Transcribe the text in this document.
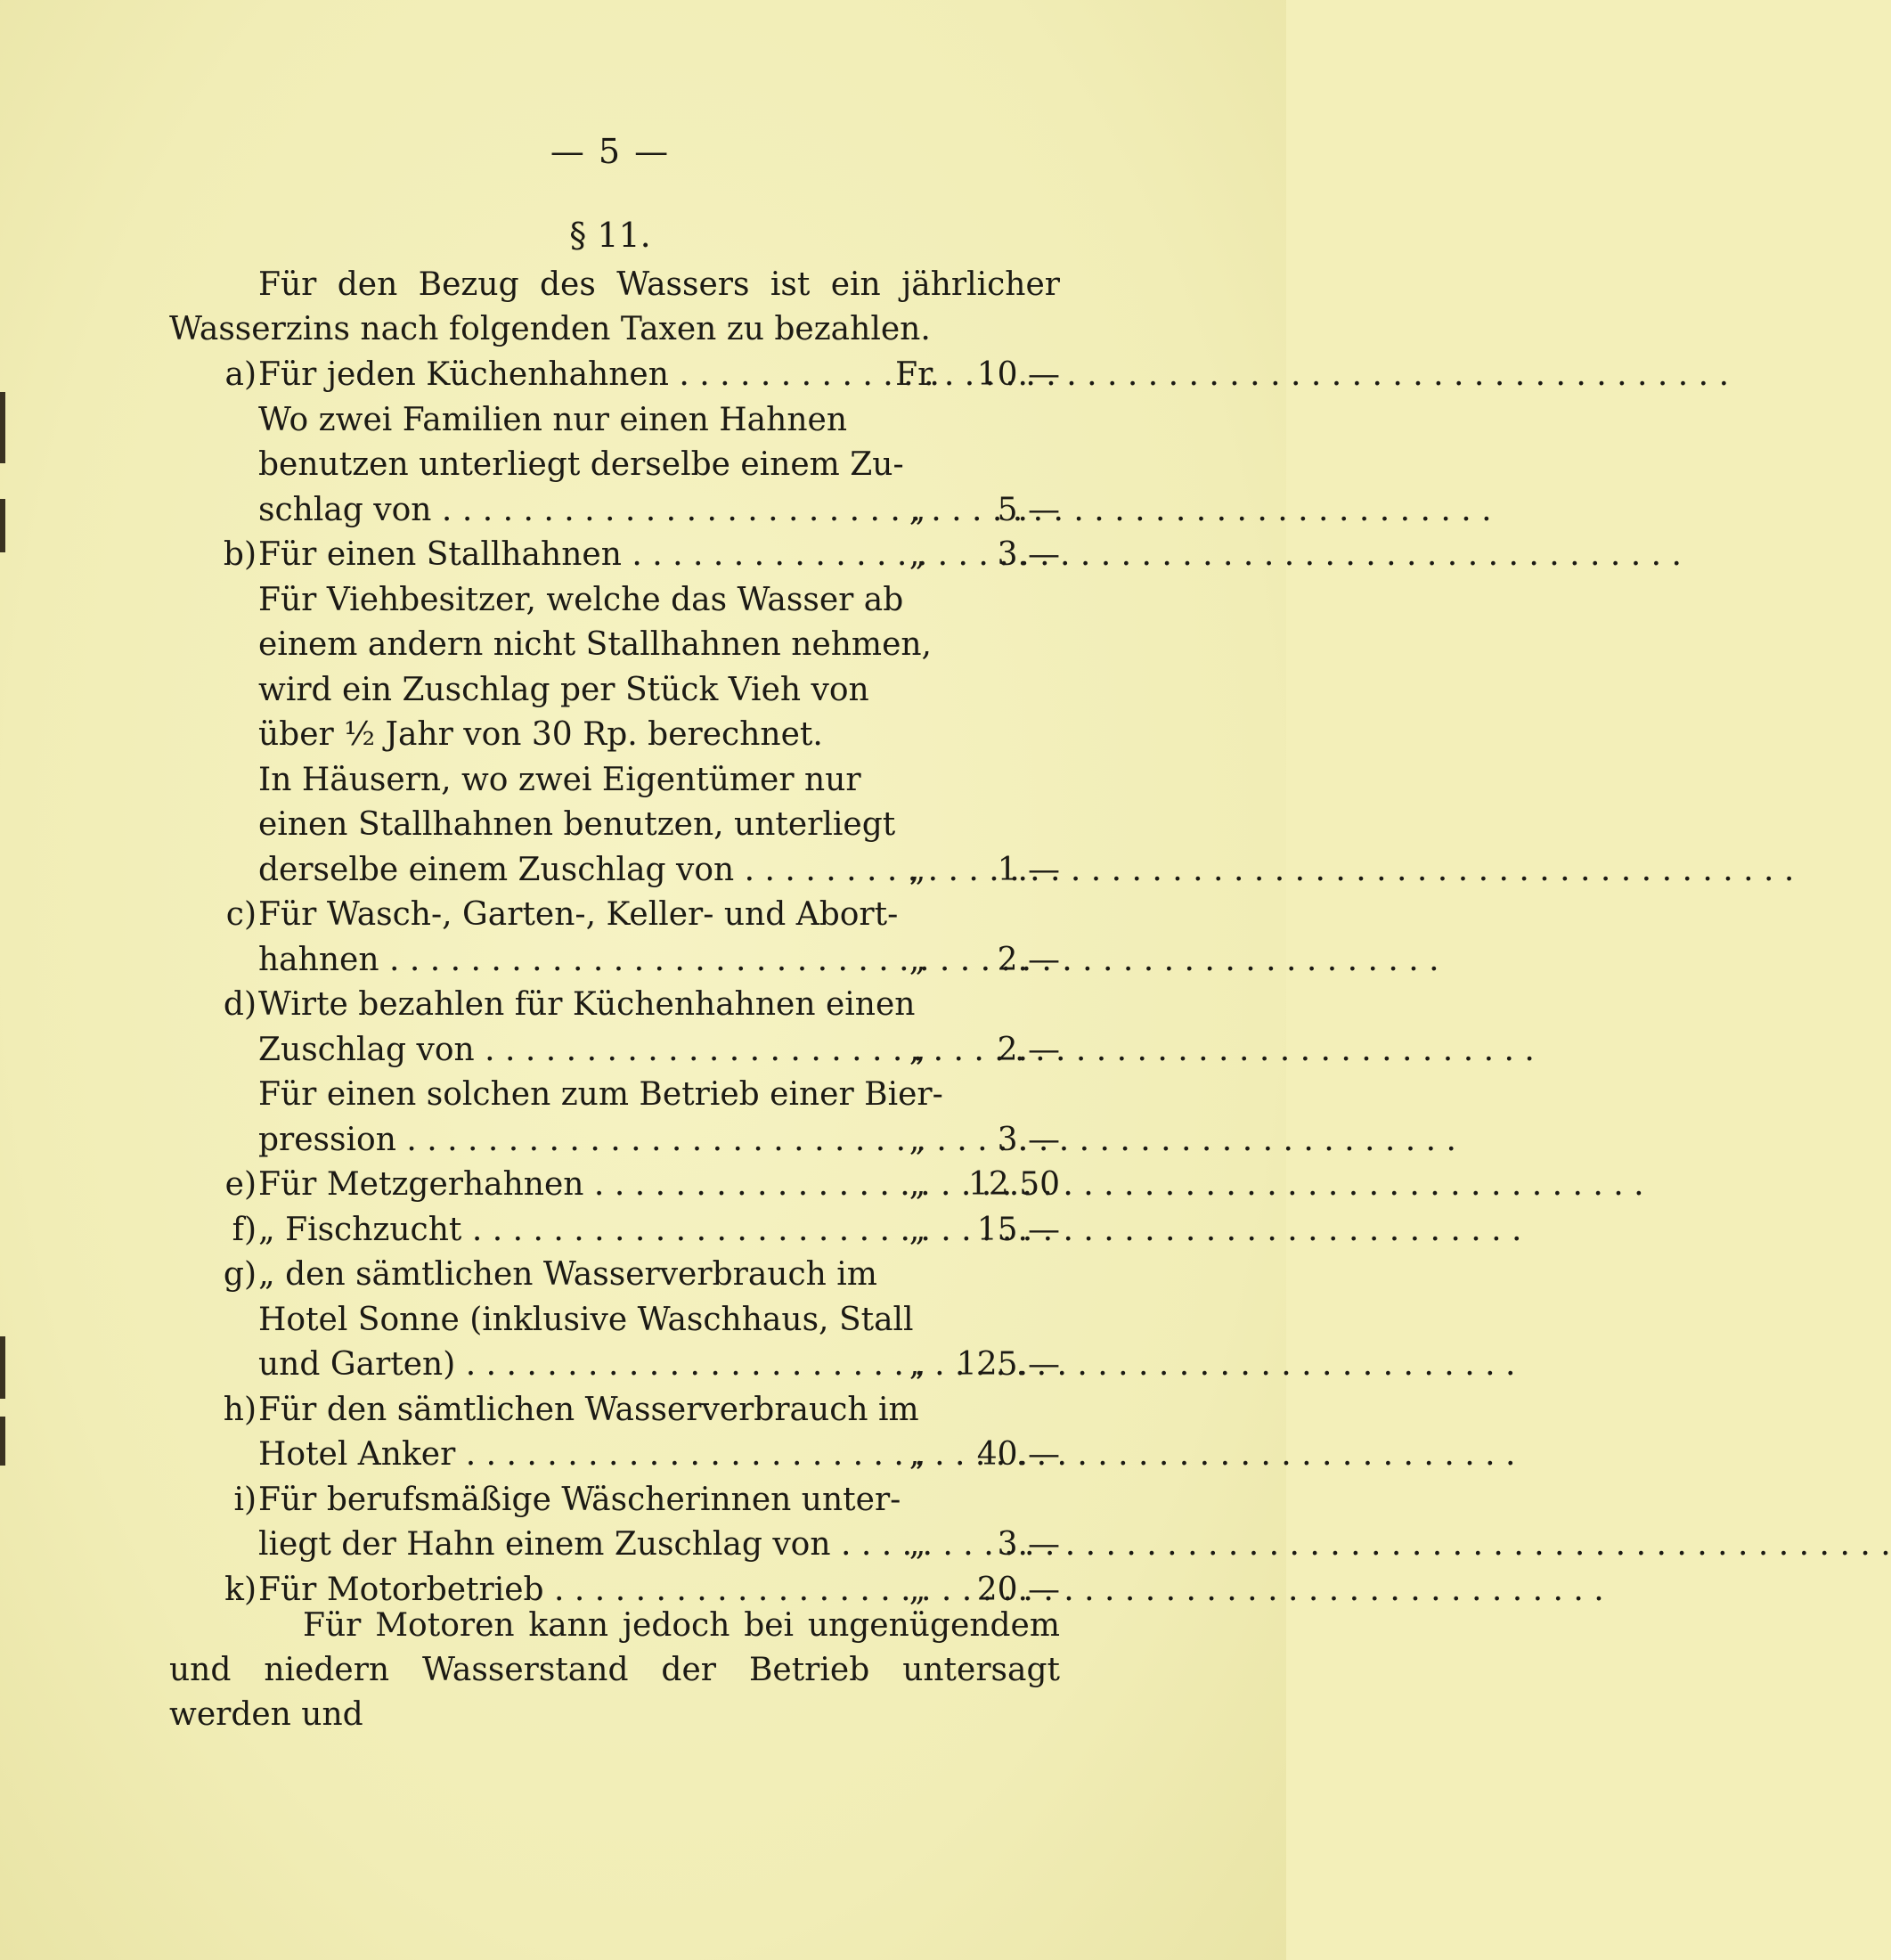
— 5 —
§ 11.

Für den Bezug des Wassers ist ein jährlicher Wasserzins nach folgenden Taxen zu bezahlen.

a) Für jeden Küchenhahnen . . .	Fr.	10.—
Wo zwei Familien nur einen Hahnen
benutzen unterliegt derselbe einem Zu-
schlag von . . .	„	5.—
b) Für einen Stallhahnen . . .	„	3.—
Für Viehbesitzer, welche das Wasser ab
einem andern nicht Stallhahnen nehmen,
wird ein Zuschlag per Stück Vieh von
über ½ Jahr von 30 Rp. berechnet.
In Häusern, wo zwei Eigentümer nur
einen Stallhahnen benutzen, unterliegt
derselbe einem Zuschlag von . . .	„	1.—
c) Für Wasch-, Garten-, Keller- und Abort-
hahnen . . .	„	2.—
d) Wirte bezahlen für Küchenhahnen einen
Zuschlag von . . .	„	2.—
Für einen solchen zum Betrieb einer Bier-
pression . . .	„	3.—
e) Für Metzgerhahnen . . .	„	12.50
f) „ Fischzucht . . .	„	15.—
g) „ den sämtlichen Wasserverbrauch im
Hotel Sonne (inklusive Waschhaus, Stall
und Garten) . . .	„ 125.—
h) Für den sämtlichen Wasserverbrauch im
Hotel Anker . . .	„	40.—
i) Für berufsmäßige Wäscherinnen unter-
liegt der Hahn einem Zuschlag von . . .	„	3.—
k) Für Motorbetrieb . . .	„	20.—

Für Motoren kann jedoch bei ungenügendem und niedern Wasserstand der Betrieb untersagt werden und
